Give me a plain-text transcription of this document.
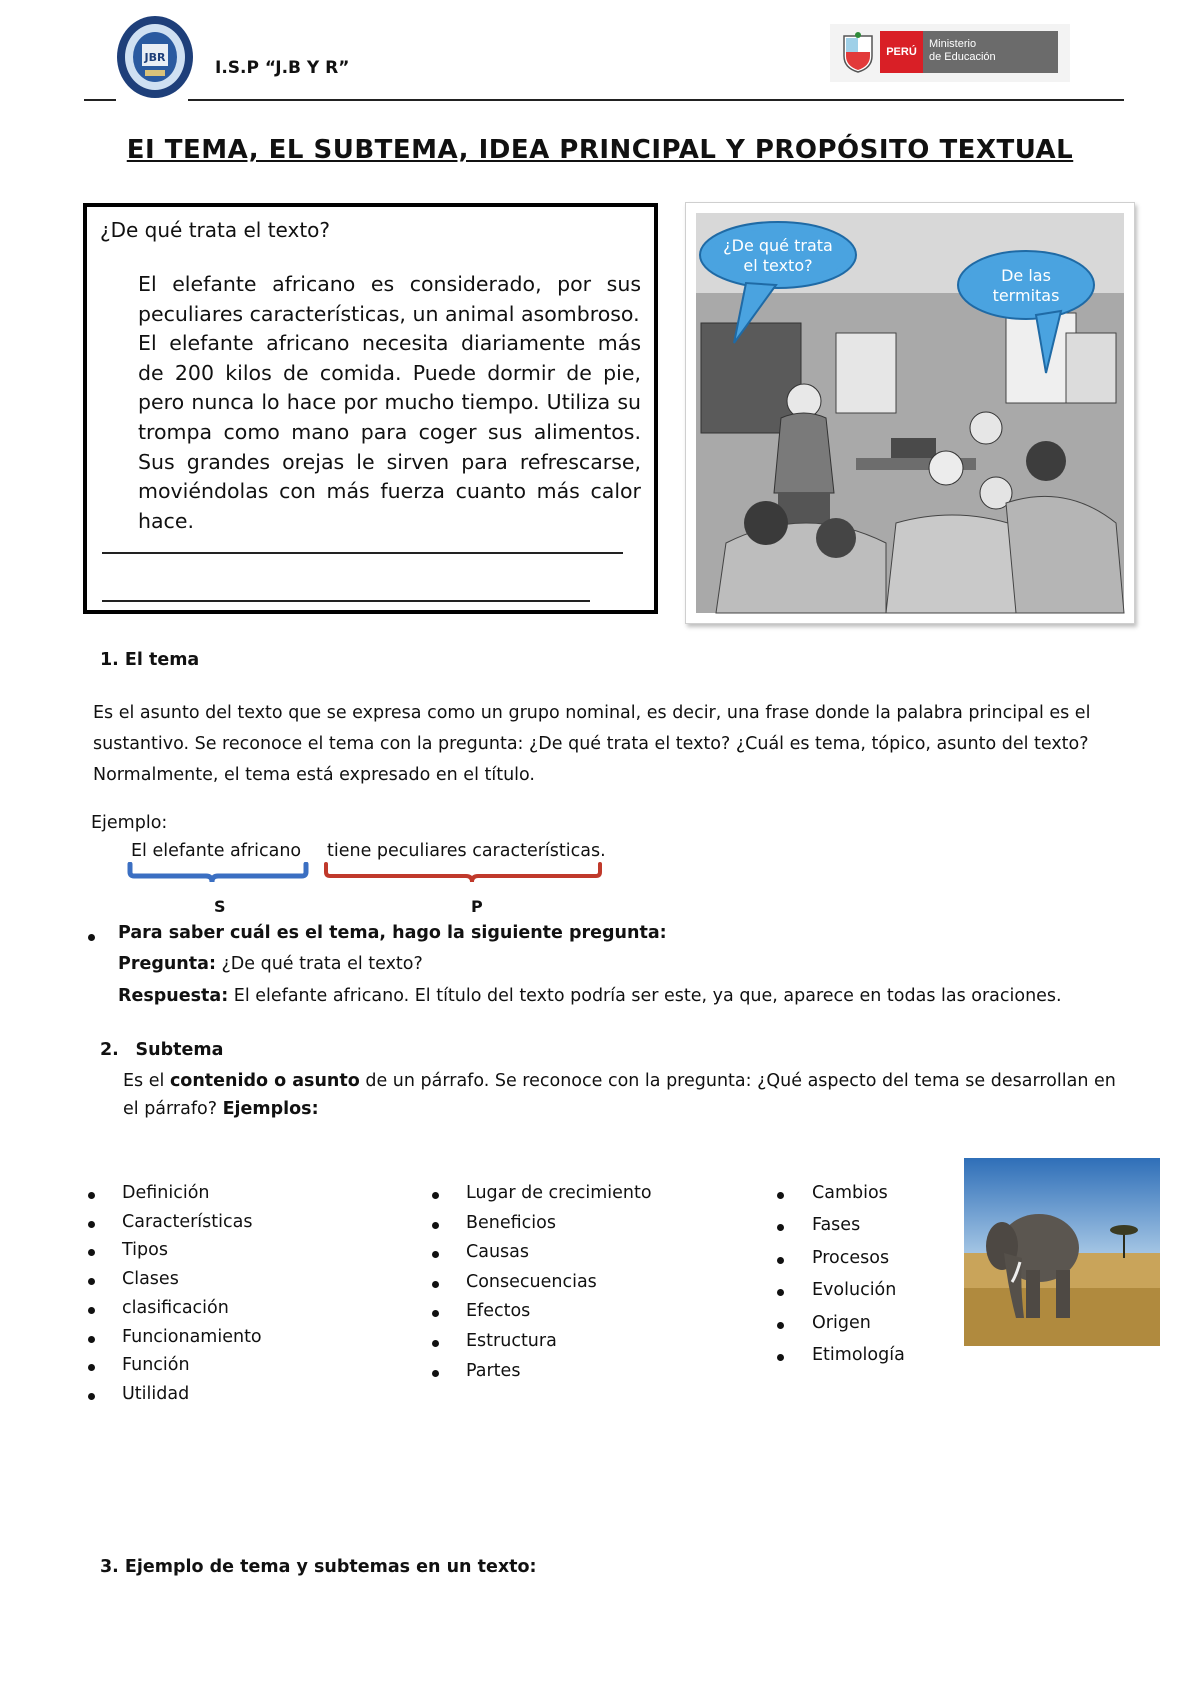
JBR
I.S.P “J.B Y R”
PERÚ
Ministerio
de Educación
EI TEMA, EL SUBTEMA, IDEA PRINCIPAL Y PROPÓSITO TEXTUAL
¿De qué trata el texto?

El elefante africano es considerado, por sus peculiares características, un animal asombroso.

El elefante africano necesita diariamente más de 200 kilos de comida. Puede dormir de pie, pero nunca lo hace por mucho tiempo. Utiliza su trompa como mano para coger sus alimentos. Sus grandes orejas le sirven para refrescarse, moviéndolas con más fuerza cuanto más calor hace.

¿De qué trata
el texto?
De las
termitas
1. El tema
Es el asunto del texto que se expresa como un grupo nominal, es decir, una frase donde la palabra principal es el sustantivo. Se reconoce el tema con la pregunta: ¿De qué trata el texto? ¿Cuál es tema, tópico, asunto del texto? Normalmente, el tema está expresado en el título.
Ejemplo:
El elefante africano tiene peculiares características.
S	P
Para saber cuál es el tema, hago la siguiente pregunta:
Pregunta: ¿De qué trata el texto?
Respuesta: El elefante africano. El título del texto podría ser este, ya que, aparece en todas las oraciones.
2. Subtema
Es el contenido o asunto de un párrafo. Se reconoce con la pregunta: ¿Qué aspecto del tema se desarrollan en el párrafo? Ejemplos:
3. Ejemplo de tema y subtemas en un texto:
Definición
Características
Tipos
Clases
clasificación
Funcionamiento
Función
Utilidad
Lugar de crecimiento
Beneficios
Causas
Consecuencias
Efectos
Estructura
Partes
Cambios
Fases
Procesos
Evolución
Origen
Etimología
